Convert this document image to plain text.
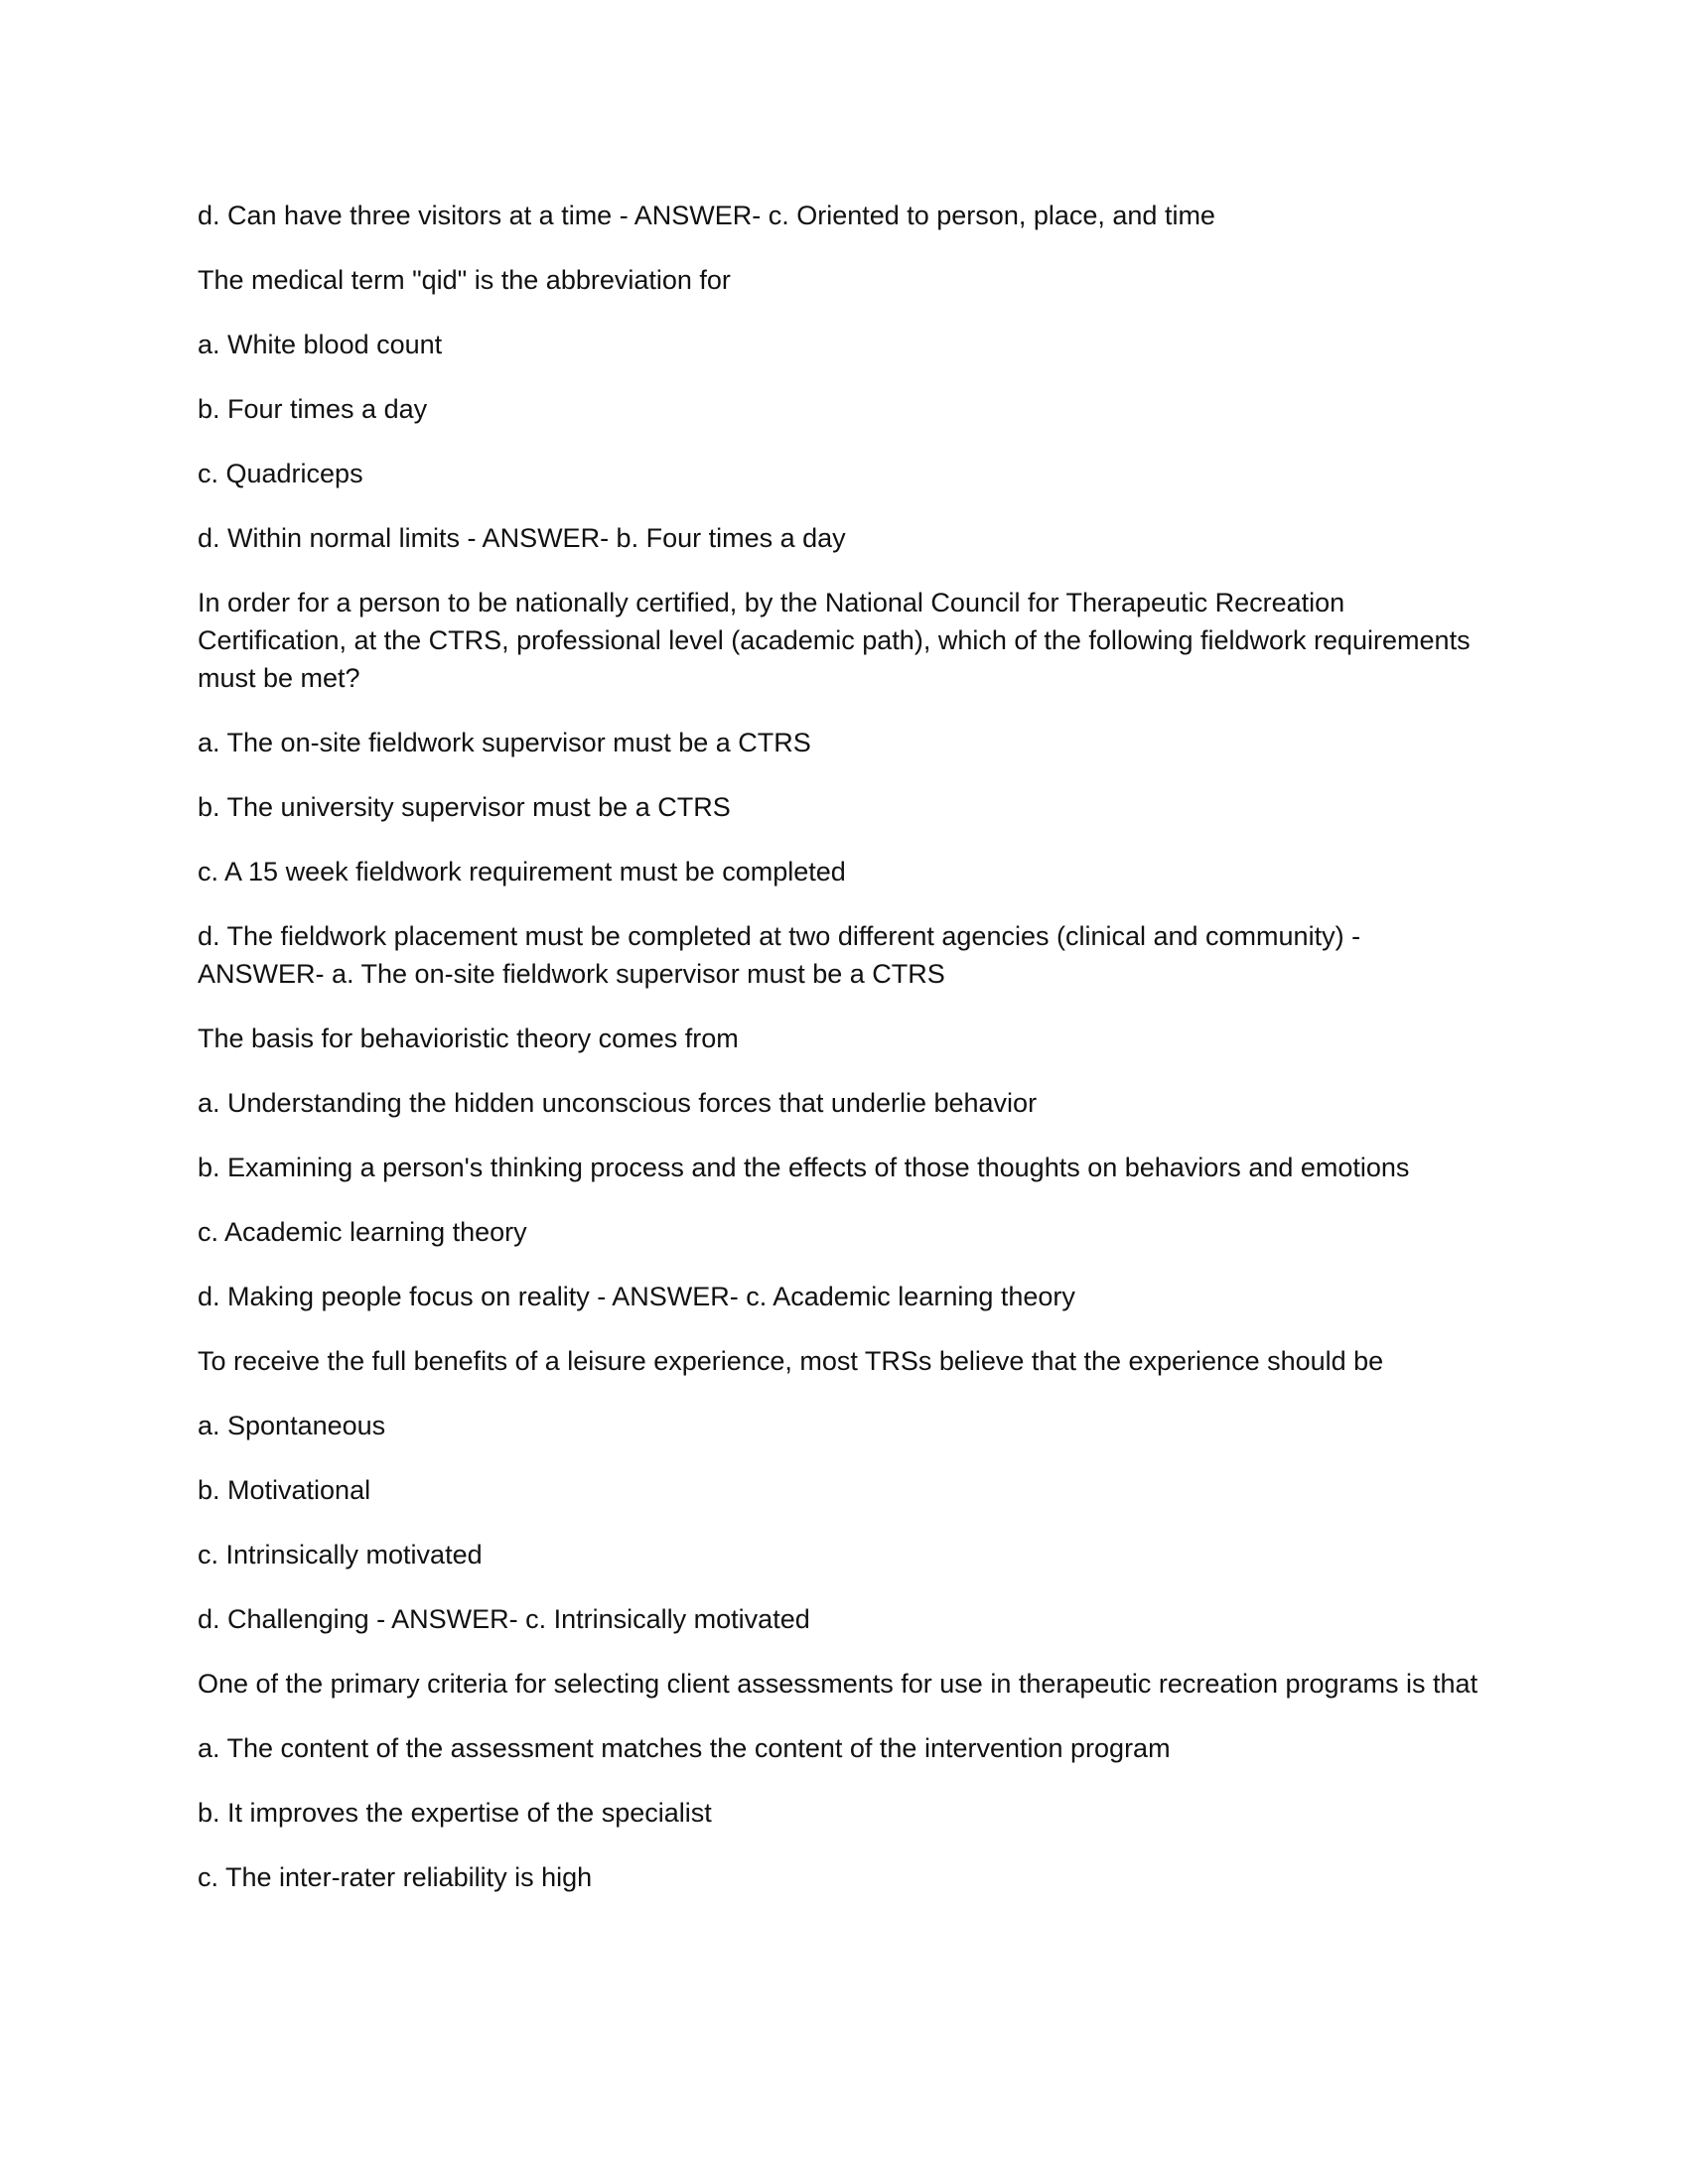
d. Can have three visitors at a time - ANSWER- c. Oriented to person, place, and time

The medical term "qid" is the abbreviation for

a. White blood count

b. Four times a day

c. Quadriceps

d. Within normal limits - ANSWER- b. Four times a day

In order for a person to be nationally certified, by the National Council for Therapeutic Recreation Certification, at the CTRS, professional level (academic path), which of the following fieldwork requirements must be met?

a. The on-site fieldwork supervisor must be a CTRS

b. The university supervisor must be a CTRS

c. A 15 week fieldwork requirement must be completed

d. The fieldwork placement must be completed at two different agencies (clinical and community) - ANSWER- a. The on-site fieldwork supervisor must be a CTRS

The basis for behavioristic theory comes from

a. Understanding the hidden unconscious forces that underlie behavior

b. Examining a person's thinking process and the effects of those thoughts on behaviors and emotions

c. Academic learning theory

d. Making people focus on reality - ANSWER- c. Academic learning theory

To receive the full benefits of a leisure experience, most TRSs believe that the experience should be

a. Spontaneous

b. Motivational

c. Intrinsically motivated

d. Challenging - ANSWER- c. Intrinsically motivated

One of the primary criteria for selecting client assessments for use in therapeutic recreation programs is that

a. The content of the assessment matches the content of the intervention program

b. It improves the expertise of the specialist

c. The inter-rater reliability is high
